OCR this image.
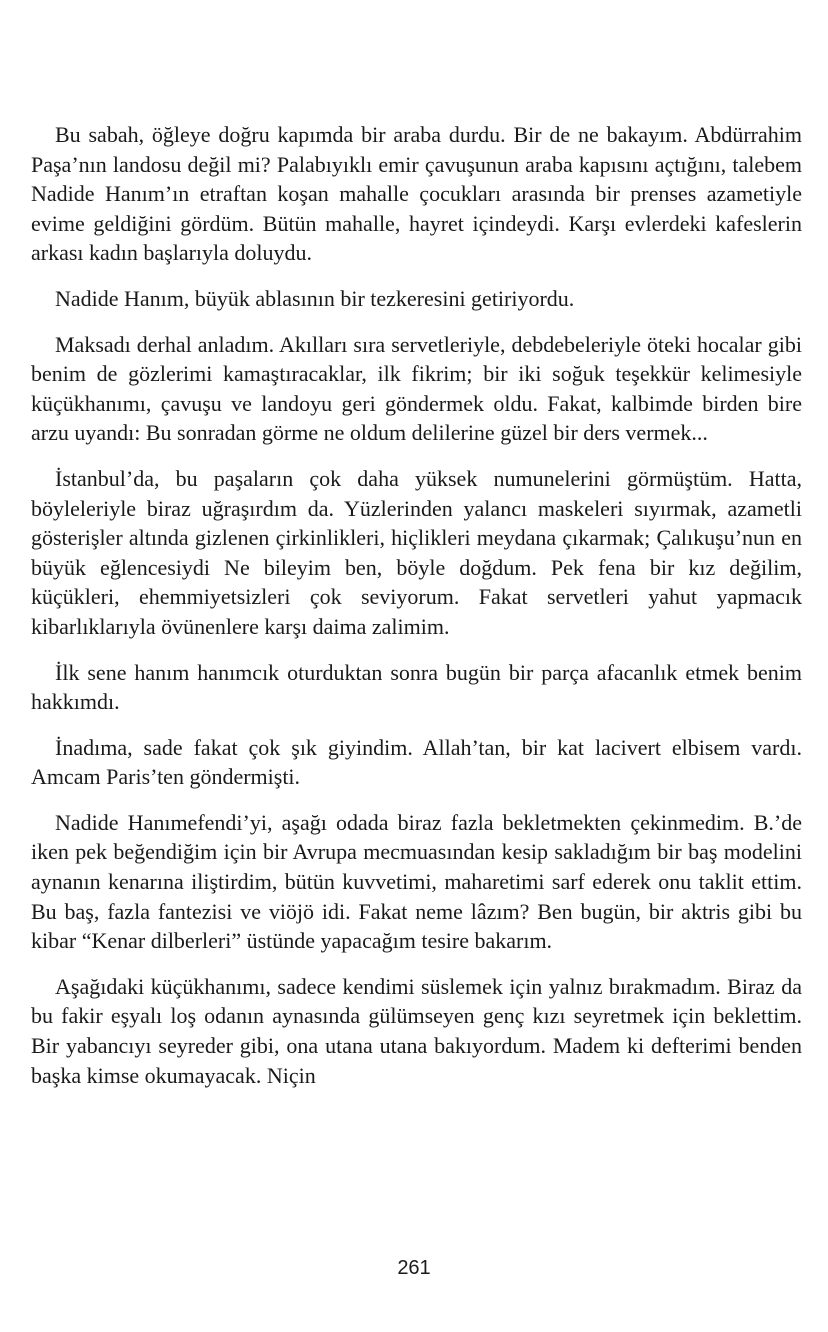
Bu sabah, öğleye doğru kapımda bir araba durdu. Bir de ne bakayım. Abdürrahim Paşa’nın landosu değil mi? Palabıyıklı emir çavuşunun araba kapısını açtığını, talebem Nadide Hanım’ın etraftan koşan mahalle çocukları arasında bir prenses azametiyle evime geldiğini gördüm. Bütün mahalle, hayret içindeydi. Karşı evlerdeki kafeslerin arkası kadın başlarıyla doluydu.

Nadide Hanım, büyük ablasının bir tezkeresini getiriyordu.

Maksadı derhal anladım. Akılları sıra servetleriyle, debdebeleriyle öteki hocalar gibi benim de gözlerimi kamaştıracaklar, ilk fikrim; bir iki soğuk teşekkür kelimesiyle küçükhanımı, çavuşu ve landoyu geri göndermek oldu. Fakat, kalbimde birden bire arzu uyandı: Bu sonradan görme ne oldum delilerine güzel bir ders vermek...

İstanbul’da, bu paşaların çok daha yüksek numunelerini görmüştüm. Hatta, böyleleriyle biraz uğraşırdım da. Yüzlerinden yalancı maskeleri sıyırmak, azametli gösterişler altında gizlenen çirkinlikleri, hiçlikleri meydana çıkarmak; Çalıkuşu’nun en büyük eğlencesiydi Ne bileyim ben, böyle doğdum. Pek fena bir kız değilim, küçükleri, ehemmiyetsizleri çok seviyorum. Fakat servetleri yahut yapmacık kibarlıklarıyla övünenlere karşı daima zalimim.

İlk sene hanım hanımcık oturduktan sonra bugün bir parça afacanlık etmek benim hakkımdı.

İnadıma, sade fakat çok şık giyindim. Allah’tan, bir kat lacivert elbisem vardı. Amcam Paris’ten göndermişti.

Nadide Hanımefendi’yi, aşağı odada biraz fazla bekletmekten çekinmedim. B.’de iken pek beğendiğim için bir Avrupa mecmuasından kesip sakladığım bir baş modelini aynanın kenarına iliştirdim, bütün kuvvetimi, maharetimi sarf ederek onu taklit ettim. Bu baş, fazla fantezisi ve viöjö idi. Fakat neme lâzım? Ben bugün, bir aktris gibi bu kibar “Kenar dilberleri” üstünde yapacağım tesire bakarım.

Aşağıdaki küçükhanımı, sadece kendimi süslemek için yalnız bırakmadım. Biraz da bu fakir eşyalı loş odanın aynasında gülümseyen genç kızı seyretmek için beklettim. Bir yabancıyı seyreder gibi, ona utana utana bakıyordum. Madem ki defterimi benden başka kimse okumayacak. Niçin

261
